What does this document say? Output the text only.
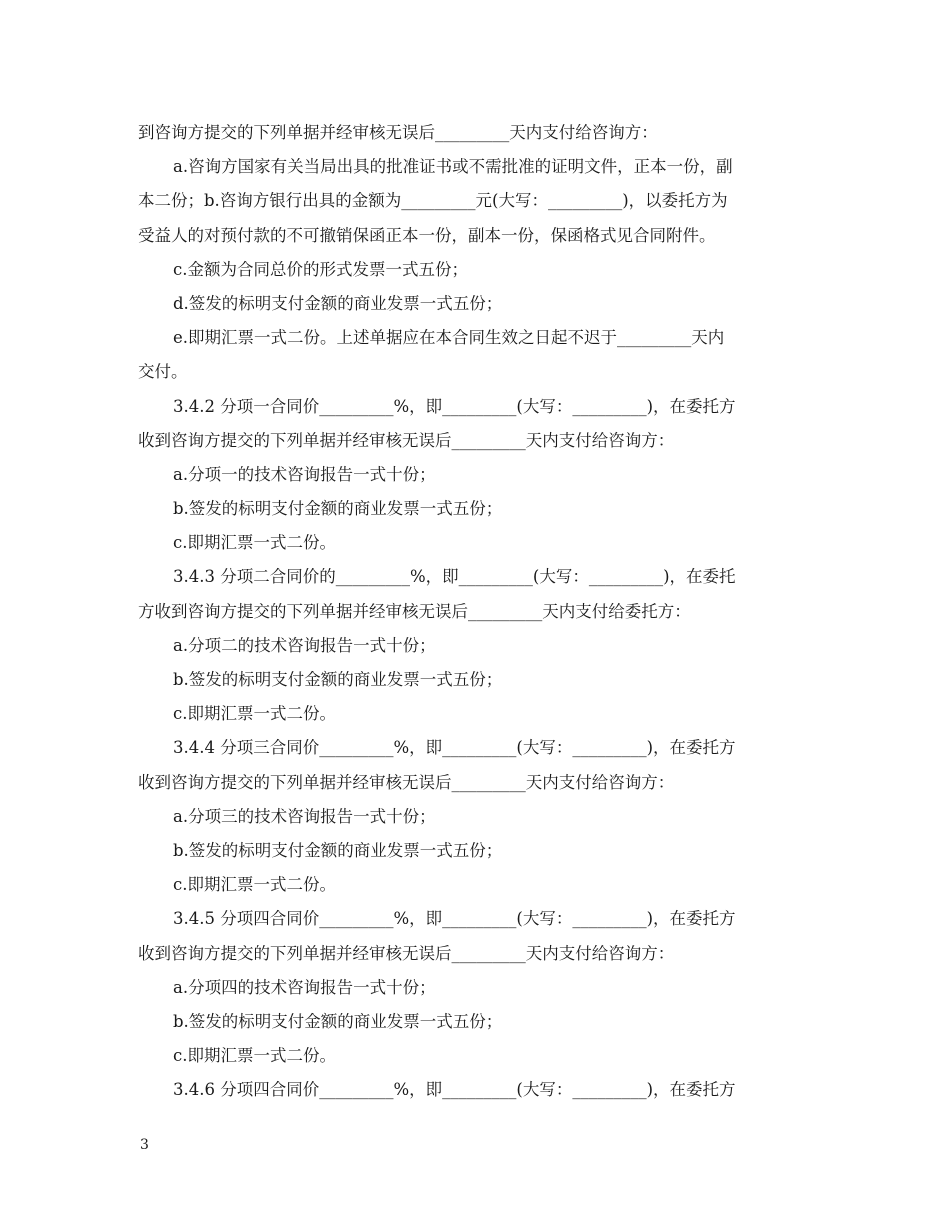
到咨询方提交的下列单据并经审核无误后_________天内支付给咨询方：
a.咨询方国家有关当局出具的批准证书或不需批准的证明文件，正本一份，副
本二份；b.咨询方银行出具的金额为_________元(大写：_________)，以委托方为
受益人的对预付款的不可撤销保函正本一份，副本一份，保函格式见合同附件。
c.金额为合同总价的形式发票一式五份；
d.签发的标明支付金额的商业发票一式五份；
e.即期汇票一式二份。上述单据应在本合同生效之日起不迟于_________天内
交付。
3.4.2 分项一合同价_________%，即_________(大写：_________)，在委托方
收到咨询方提交的下列单据并经审核无误后_________天内支付给咨询方：
a.分项一的技术咨询报告一式十份；
b.签发的标明支付金额的商业发票一式五份；
c.即期汇票一式二份。
3.4.3 分项二合同价的_________%，即_________(大写：_________)，在委托
方收到咨询方提交的下列单据并经审核无误后_________天内支付给委托方：
a.分项二的技术咨询报告一式十份；
b.签发的标明支付金额的商业发票一式五份；
c.即期汇票一式二份。
3.4.4 分项三合同价_________%，即_________(大写：_________)，在委托方
收到咨询方提交的下列单据并经审核无误后_________天内支付给咨询方：
a.分项三的技术咨询报告一式十份；
b.签发的标明支付金额的商业发票一式五份；
c.即期汇票一式二份。
3.4.5 分项四合同价_________%，即_________(大写：_________)，在委托方
收到咨询方提交的下列单据并经审核无误后_________天内支付给咨询方：
a.分项四的技术咨询报告一式十份；
b.签发的标明支付金额的商业发票一式五份；
c.即期汇票一式二份。
3.4.6 分项四合同价_________%，即_________(大写：_________)，在委托方
3
